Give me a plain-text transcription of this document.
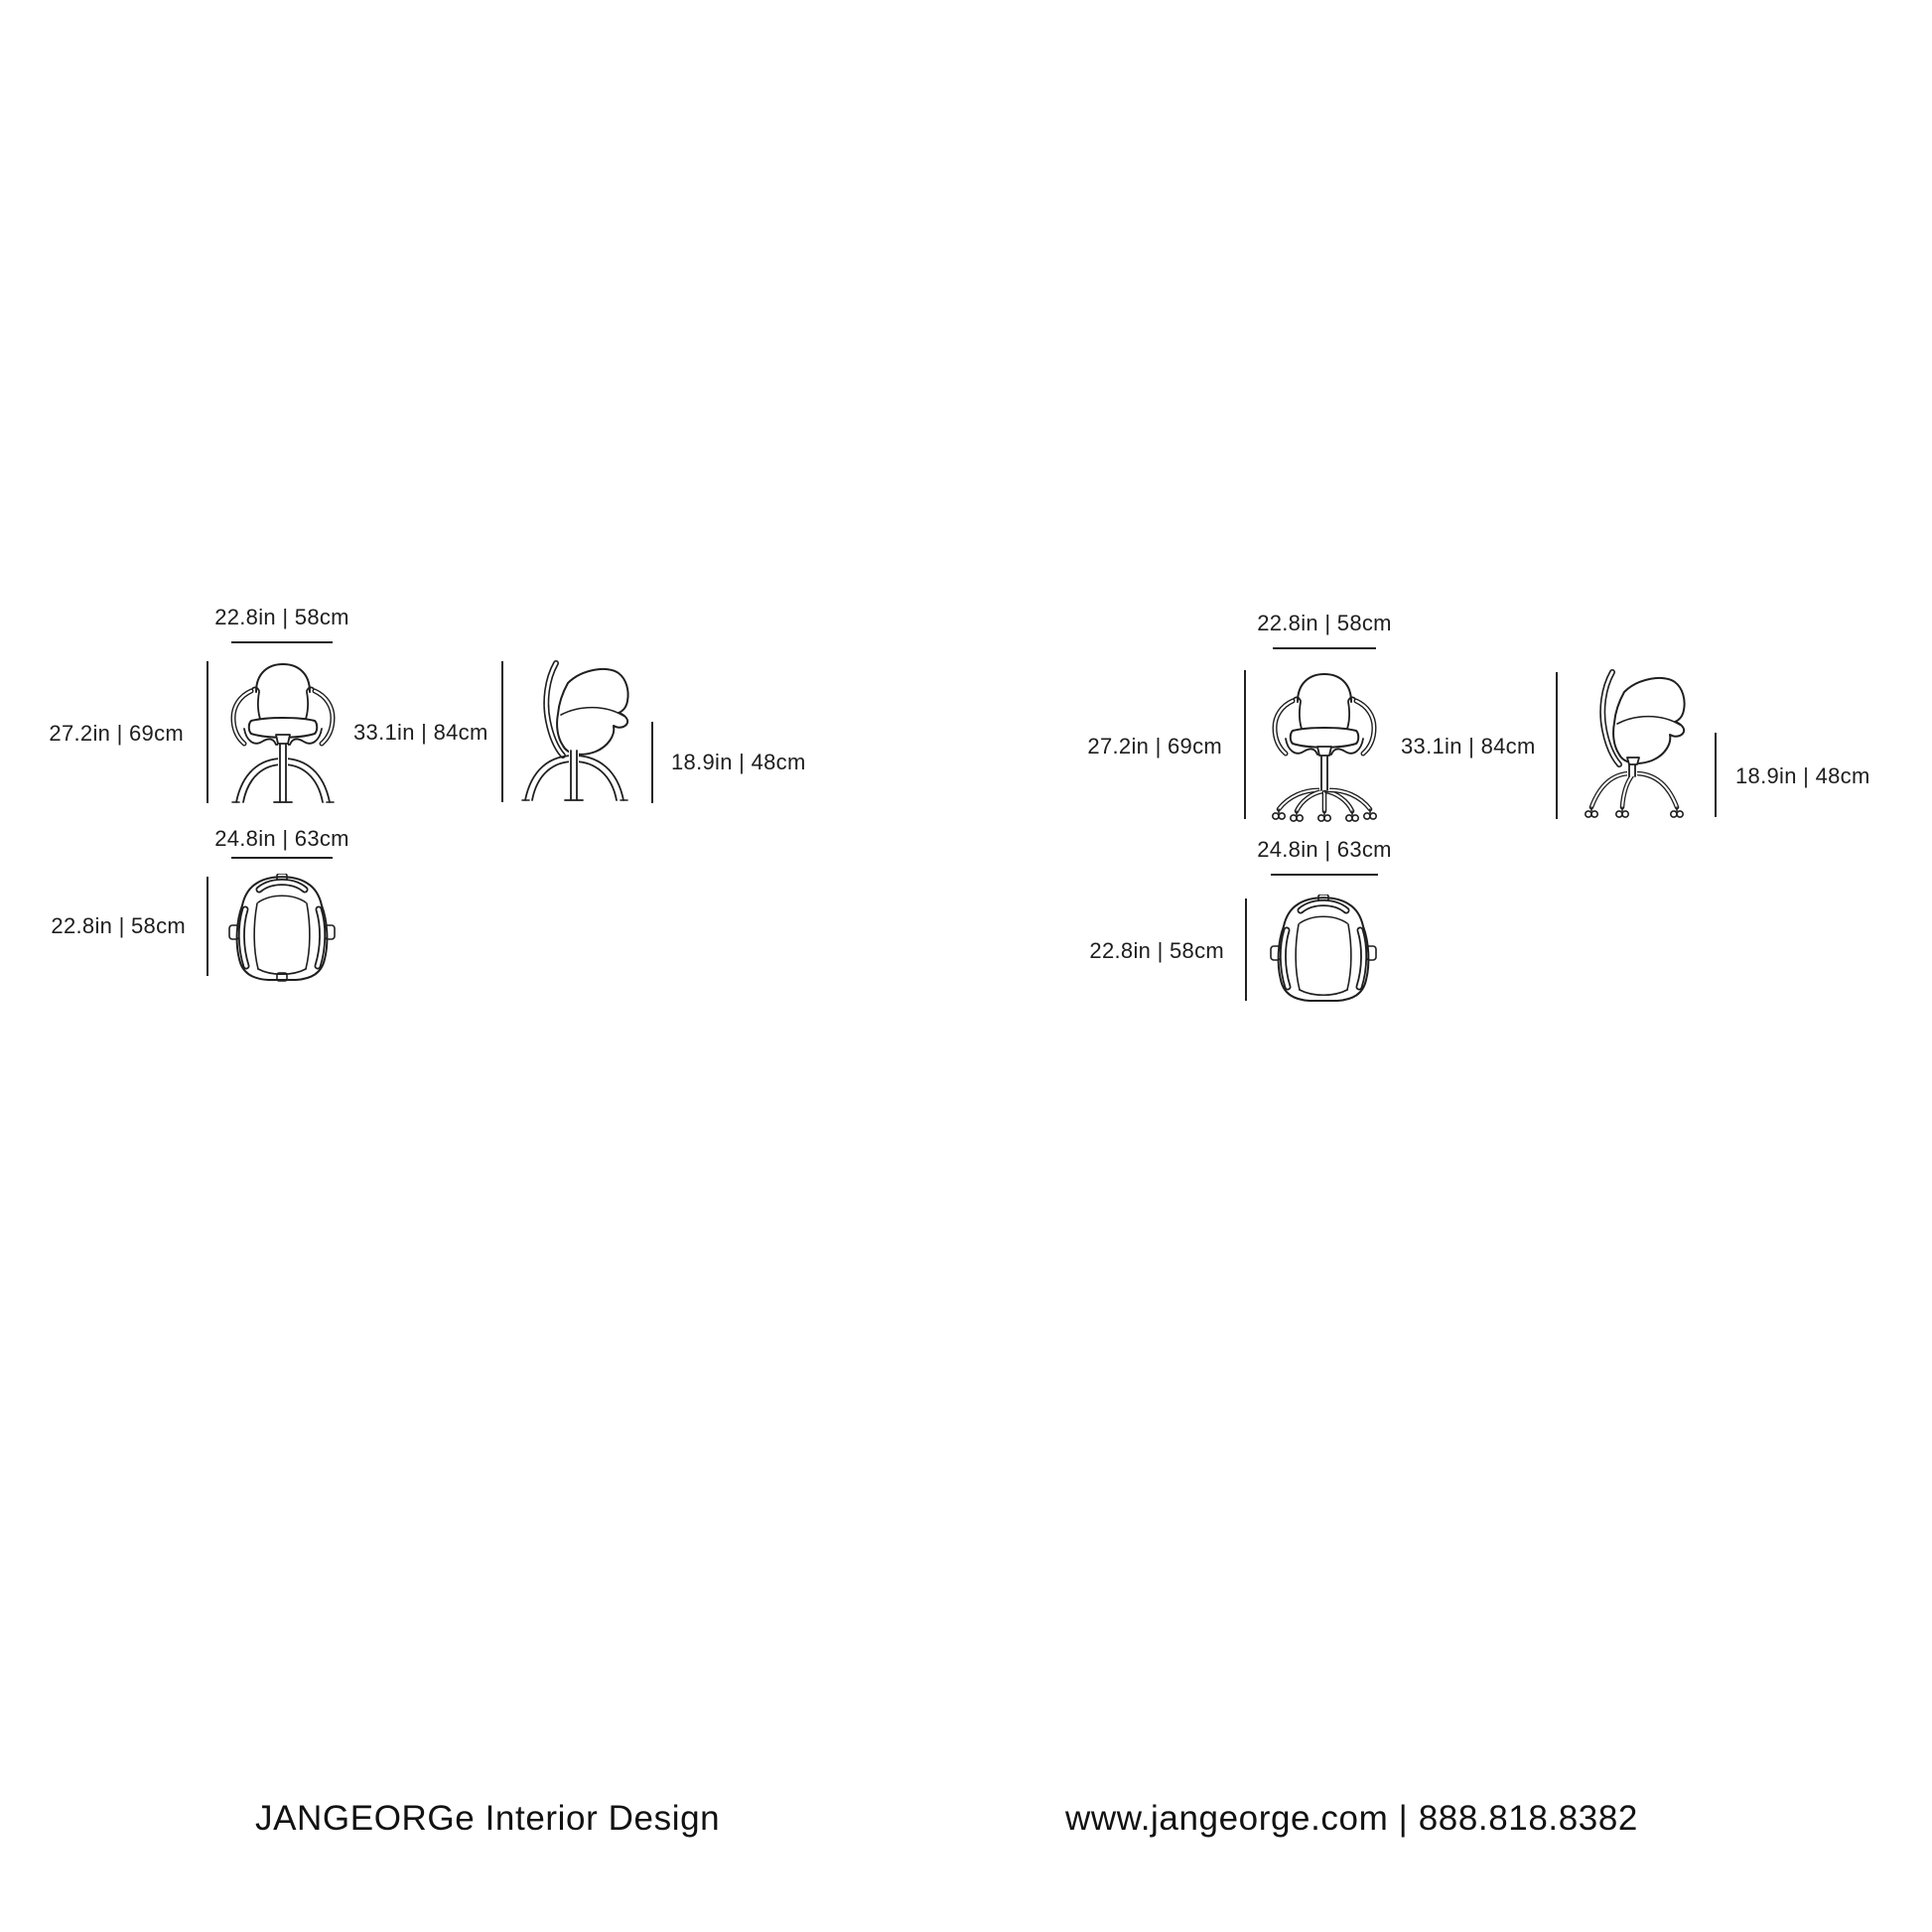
22.8in | 58cm
27.2in | 69cm	33.1in | 84cm
18.9in | 48cm
24.8in | 63cm
22.8in | 58cm
22.8in | 58cm
27.2in | 69cm	33.1in | 84cm
18.9in | 48cm
24.8in | 63cm
22.8in | 58cm
JANGEORGe Interior Design	www.jangeorge.com | 888.818.8382
